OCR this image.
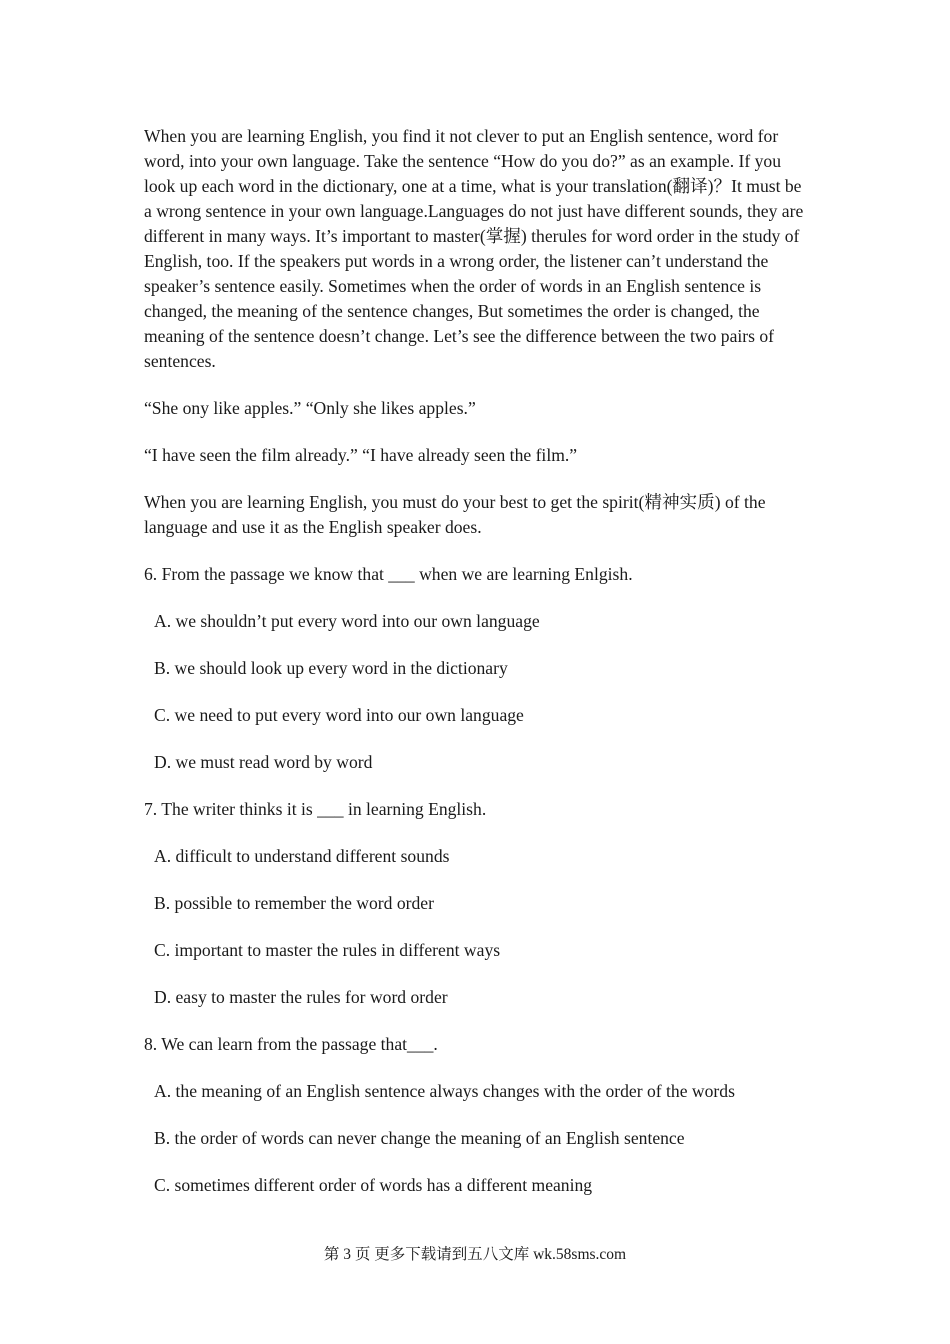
When you are learning English, you find it not clever to put an English sentence, word for word, into your own language. Take the sentence “How do you do?” as an example. If you look up each word in the dictionary, one at a time, what is your translation(翻译)？It must be a wrong sentence in your own language.Languages do not just have different sounds, they are different in many ways. It’s important to master(掌握) therules for word order in the study of English, too. If the speakers put words in a wrong order, the listener can’t understand the speaker’s sentence easily. Sometimes when the order of words in an English sentence is changed, the meaning of the sentence changes, But sometimes the order is changed, the meaning of the sentence doesn’t change. Let’s see the difference between the two pairs of sentences.

“She ony like apples.” “Only she likes apples.”

“I have seen the film already.” “I have already seen the film.”

When you are learning English, you must do your best to get the spirit(精神实质) of the language and use it as the English speaker does.

6. From the passage we know that ___ when we are learning Enlgish.

A. we shouldn’t put every word into our own language

B. we should look up every word in the dictionary

C. we need to put every word into our own language

D. we must read word by word

7. The writer thinks it is ___ in learning English.

A. difficult to understand different sounds

B. possible to remember the word order

C. important to master the rules in different ways

D. easy to master the rules for word order

8. We can learn from the passage that___.

A. the meaning of an English sentence always changes with the order of the words

B. the order of words can never change the meaning of an English sentence

C. sometimes different order of words has a different meaning

第 3 页 更多下载请到五八文库 wk.58sms.com
